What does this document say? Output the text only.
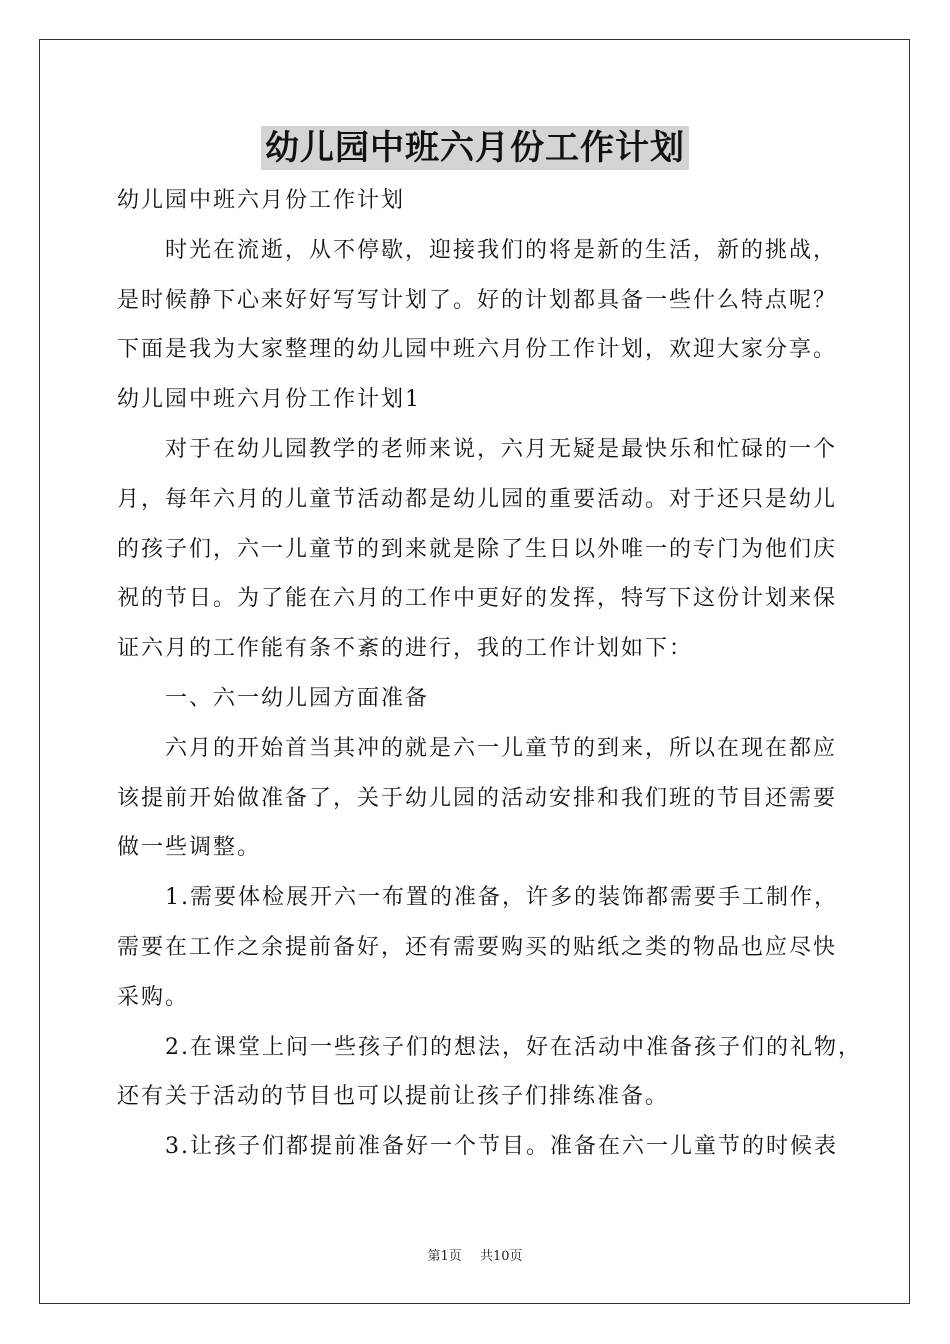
幼儿园中班六月份工作计划
幼儿园中班六月份工作计划
时光在流逝，从不停歇，迎接我们的将是新的生活，新的挑战，
是时候静下心来好好写写计划了。好的计划都具备一些什么特点呢？
下面是我为大家整理的幼儿园中班六月份工作计划，欢迎大家分享。
幼儿园中班六月份工作计划1
对于在幼儿园教学的老师来说，六月无疑是最快乐和忙碌的一个
月，每年六月的儿童节活动都是幼儿园的重要活动。对于还只是幼儿
的孩子们，六一儿童节的到来就是除了生日以外唯一的专门为他们庆
祝的节日。为了能在六月的工作中更好的发挥，特写下这份计划来保
证六月的工作能有条不紊的进行，我的工作计划如下：
一、六一幼儿园方面准备
六月的开始首当其冲的就是六一儿童节的到来，所以在现在都应
该提前开始做准备了，关于幼儿园的活动安排和我们班的节目还需要
做一些调整。
1.需要体检展开六一布置的准备，许多的装饰都需要手工制作，
需要在工作之余提前备好，还有需要购买的贴纸之类的物品也应尽快
采购。
2.在课堂上问一些孩子们的想法，好在活动中准备孩子们的礼物，
还有关于活动的节目也可以提前让孩子们排练准备。
3.让孩子们都提前准备好一个节目。准备在六一儿童节的时候表
第1页 共10页
